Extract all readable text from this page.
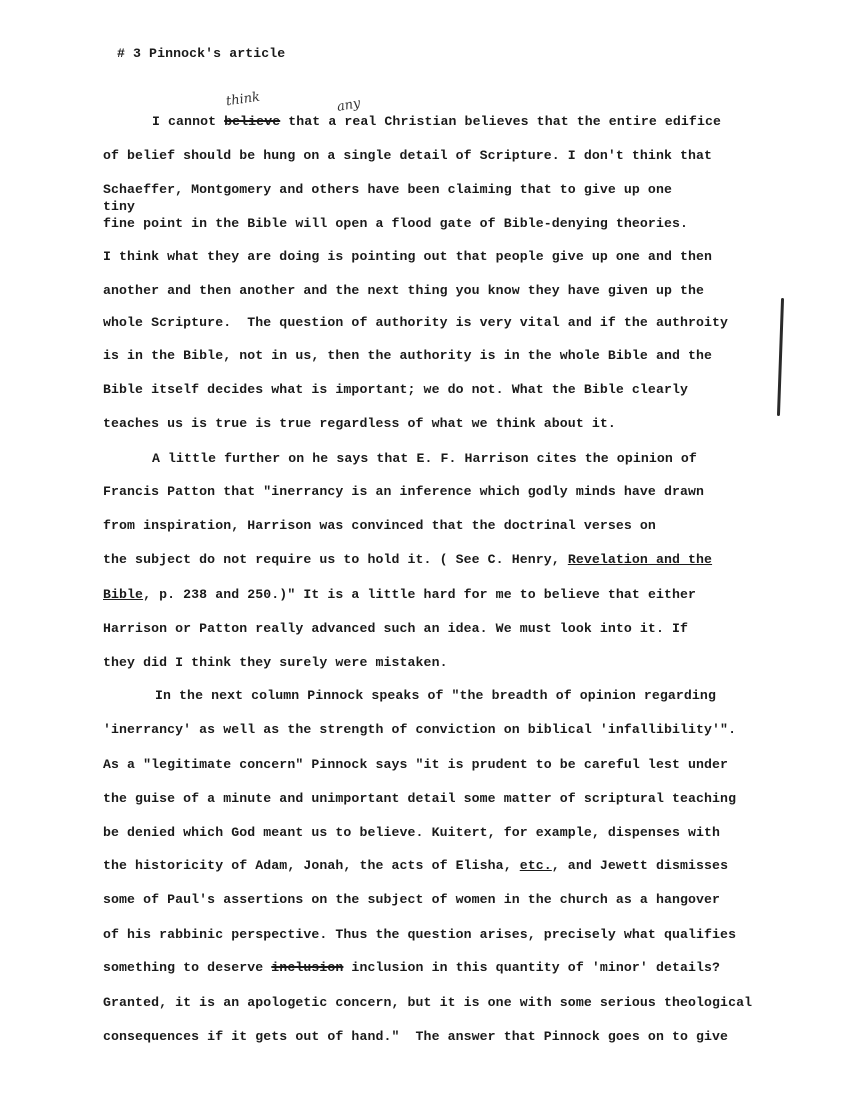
# 3 Pinnock's article
think	any
I cannot believe that a real Christian believes that the entire edifice
of belief should be hung on a single detail of Scripture. I don't think that
Schaeffer, Montgomery and others have been claiming that to give up one
tiny
fine point in the Bible will open a flood gate of Bible-denying theories.
I think what they are doing is pointing out that people give up one and then
another and then another and the next thing you know they have given up the
whole Scripture.  The question of authority is very vital and if the authroity
is in the Bible, not in us, then the authority is in the whole Bible and the
Bible itself decides what is important; we do not. What the Bible clearly
teaches us is true is true regardless of what we think about it.
A little further on he says that E. F. Harrison cites the opinion of
Francis Patton that "inerrancy is an inference which godly minds have drawn
from inspiration, Harrison was convinced that the doctrinal verses on
the subject do not require us to hold it. ( See C. Henry, Revelation and the
Bible, p. 238 and 250.)" It is a little hard for me to believe that either
Harrison or Patton really advanced such an idea. We must look into it. If
they did I think they surely were mistaken.
In the next column Pinnock speaks of "the breadth of opinion regarding
'inerrancy' as well as the strength of conviction on biblical 'infallibility'".
As a "legitimate concern" Pinnock says "it is prudent to be careful lest under
the guise of a minute and unimportant detail some matter of scriptural teaching
be denied which God meant us to believe. Kuitert, for example, dispenses with
the historicity of Adam, Jonah, the acts of Elisha, etc., and Jewett dismisses
some of Paul's assertions on the subject of women in the church as a hangover
of his rabbinic perspective. Thus the question arises, precisely what qualifies
something to deserve inclusion inclusion in this quantity of 'minor' details?
Granted, it is an apologetic concern, but it is one with some serious theological
consequences if it gets out of hand."  The answer that Pinnock goes on to give
